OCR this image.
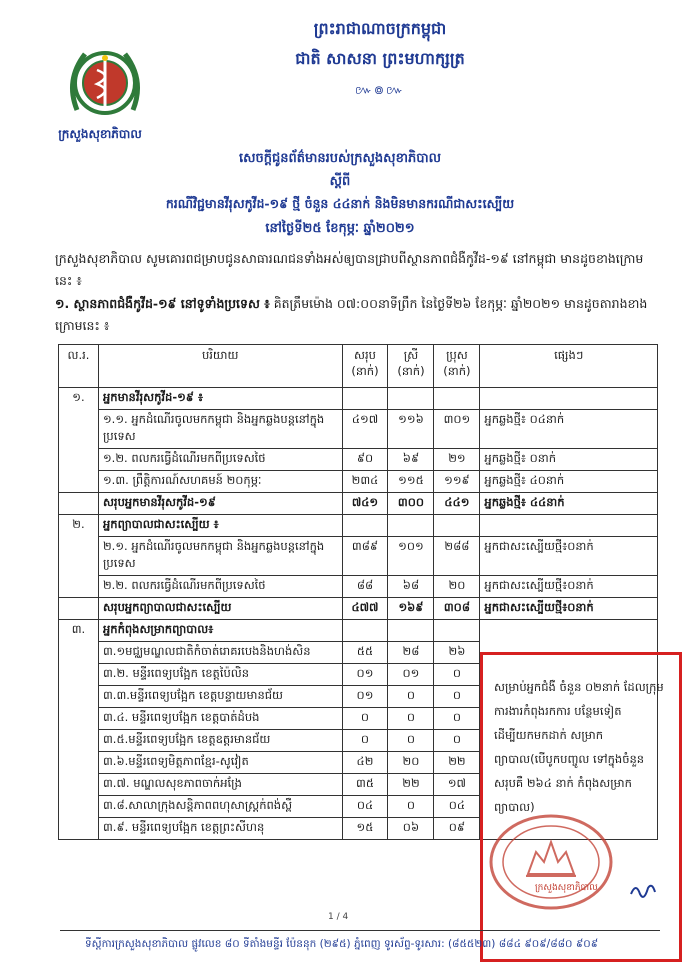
ក្រសួងសុខាភិបាល
ព្រះរាជាណាចក្រកម្ពុជា
ជាតិ សាសនា ព្រះមហាក្សត្រ
៚៙៚
សេចក្ដីជូនព័ត៌មានរបស់ក្រសួងសុខាភិបាល
ស្តីពី
ករណីវិជ្ជមានវីរុសកូវីដ-១៩ ថ្មី ចំនួន ៤៤នាក់ និងមិនមានករណីជាសះស្បើយ
នៅថ្ងៃទី២៥ ខែកុម្ភៈ ឆ្នាំ២០២១
ក្រសួងសុខាភិបាល សូមគោរពជម្រាបជូនសាធារណជនទាំងអស់ឲ្យបានជ្រាបពីស្ថានភាពជំងឺកូវីដ-១៩ នៅកម្ពុជា មានដូចខាងក្រោមនេះ ៖
១. ស្ថានភាពជំងឺកូវីដ-១៩ នៅទូទាំងប្រទេស ៖ គិតត្រឹមម៉ោង ០៧:០០នាទីព្រឹក នៃថ្ងៃទី២៦ ខែកុម្ភៈ ឆ្នាំ២០២១ មានដូចតារាងខាងក្រោមនេះ ៖
ល.រ.	បរិយាយ	សរុប (នាក់)	ស្រី (នាក់)	ប្រុស (នាក់)	ផ្សេងៗ
១.	អ្នកមានវីរុសកូវីដ-១៩ ៖				
	១.១. អ្នកដំណើរចូលមកកម្ពុជា និងអ្នកឆ្លងបន្តនៅក្នុងប្រទេស	៤១៧	១១៦	៣០១	អ្នកឆ្លងថ្មី៖ ០៤នាក់
	១.២. ពលករធ្វើដំណើរមកពីប្រទេសថៃ	៩០	៦៩	២១	អ្នកឆ្លងថ្មី៖ ០នាក់
	១.៣. ព្រឹត្តិការណ៍សហគមន៍ ២០កុម្ភៈ	២៣៤	១១៥	១១៩	អ្នកឆ្លងថ្មី៖ ៤០នាក់
	សរុបអ្នកមានវីរុសកូវីដ-១៩	៧៤១	៣០០	៤៤១	អ្នកឆ្លងថ្មី៖ ៤៤នាក់
២.	អ្នកព្យាបាលជាសះស្បើយ ៖				
	២.១. អ្នកដំណើរចូលមកកម្ពុជា និងអ្នកឆ្លងបន្តនៅក្នុងប្រទេស	៣៨៩	១០១	២៨៨	អ្នកជាសះស្បើយថ្មី៖០នាក់
	២.២. ពលករធ្វើដំណើរមកពីប្រទេសថៃ	៨៨	៦៨	២០	អ្នកជាសះស្បើយថ្មី៖០នាក់
	សរុបអ្នកព្យាបាលជាសះស្បើយ	៤៧៧	១៦៩	៣០៨	អ្នកជាសះស្បើយថ្មី៖០នាក់
៣.	អ្នកកំពុងសម្រាកព្យាបាល៖				
	៣.១មជ្ឈមណ្ឌលជាតិកំចាត់រោគរបេងនិងហង់សិន	៥៥	២៨	២៦	
	៣.២. មន្ទីរពេទ្យបង្អែក ខេត្តប៉ៃលិន	០១	០១	០	
	៣.៣.មន្ទីរពេទ្យបង្អែក ខេត្តបន្ទាយមានជ័យ	០១	០	០	
	៣.៤. មន្ទីរពេទ្យបង្អែក ខេត្តបាត់ដំបង	០	០	០	
	៣.៥.មន្ទីរពេទ្យបង្អែក ខេត្តឧត្តរមានជ័យ	០	០	០	
	៣.៦.មន្ទីរពេទ្យមិត្តភាពខ្មែរ-សូវៀត	៤២	២០	២២	
	៣.៧. មណ្ឌលសុខភាពចាក់អង្រែ	៣៥	២២	១៧	
	៣.៨.សាលាក្រុងសន្តិភាពពហុសាស្ត្រក់ពង់ស្ពឺ	០៤	០	០៤	
	៣.៩. មន្ទីរពេទ្យបង្អែក ខេត្តព្រះសីហនុ	១៥	០៦	០៩	
សម្រាប់អ្នកជំងឺ ចំនួន ០២នាក់ ដែលក្រុមការងារកំពុងរកការ បន្ថែមទៀត ដើម្បីយកមកដាក់ សម្រាកព្យាបាល(បើបូកបញ្ចូល ទៅក្នុងចំនួនសរុបគឺ ២៦៤ នាក់ កំពុងសម្រាកព្យាបាល)
ក្រសួងសុខាភិបាល
1 / 4
ទីស្ដីការក្រសួងសុខាភិបាល ផ្លូវលេខ ៨០ ទីតាំងមន្ទីរ ប៉ែននុក (២៩៥) ភ្នំពេញ ទូរស័ព្ទ-ទូរសារ: (៨៥៥២៣) ៨៨៤ ៩០៩/៨៨០ ៩០៩
